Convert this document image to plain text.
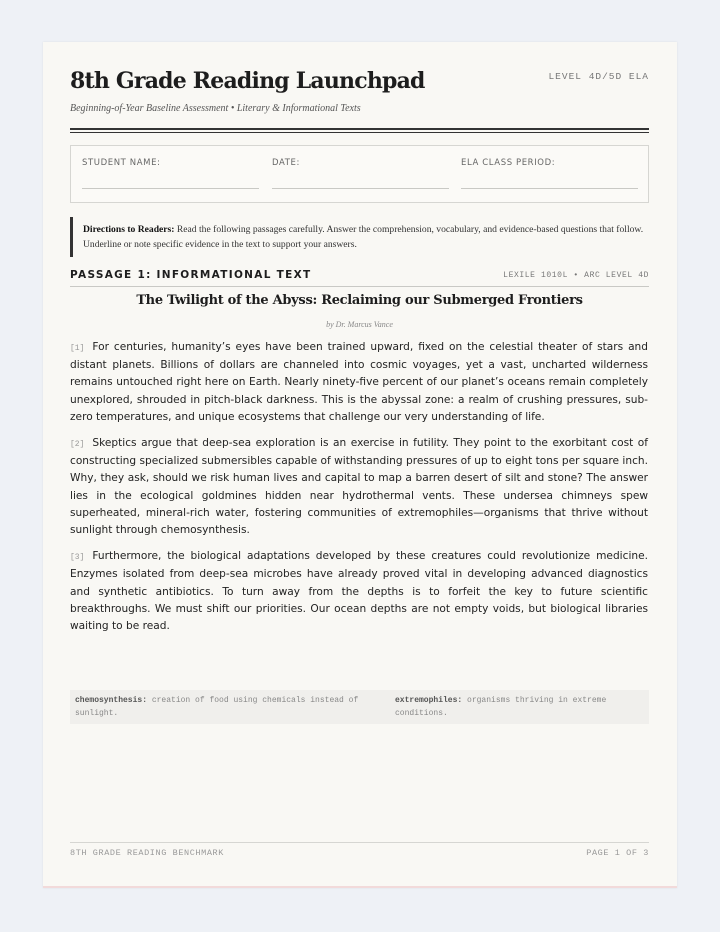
8th Grade Reading Launchpad	LEVEL 4D/5D ELA
Beginning-of-Year Baseline Assessment • Literary & Informational Texts
STUDENT NAME:	DATE:	ELA CLASS PERIOD:
Directions to Readers: Read the following passages carefully. Answer the comprehension, vocabulary, and evidence-based questions that follow. Underline or note specific evidence in the text to support your answers.
PASSAGE 1: INFORMATIONAL TEXT	LEXILE 1010L • ARC LEVEL 4D
The Twilight of the Abyss: Reclaiming our Submerged Frontiers
by Dr. Marcus Vance

[1] For centuries, humanity’s eyes have been trained upward, fixed on the celestial theater of stars and distant planets. Billions of dollars are channeled into cosmic voyages, yet a vast, uncharted wilderness remains untouched right here on Earth. Nearly ninety-five percent of our planet’s oceans remain completely unexplored, shrouded in pitch-black darkness. This is the abyssal zone: a realm of crushing pressures, sub-zero temperatures, and unique ecosystems that challenge our very understanding of life.

[2] Skeptics argue that deep-sea exploration is an exercise in futility. They point to the exorbitant cost of constructing specialized submersibles capable of withstanding pressures of up to eight tons per square inch. Why, they ask, should we risk human lives and capital to map a barren desert of silt and stone? The answer lies in the ecological goldmines hidden near hydrothermal vents. These undersea chimneys spew superheated, mineral-rich water, fostering communities of extremophiles—organisms that thrive without sunlight through chemosynthesis.

[3] Furthermore, the biological adaptations developed by these creatures could revolutionize medicine. Enzymes isolated from deep-sea microbes have already proved vital in developing advanced diagnostics and synthetic antibiotics. To turn away from the depths is to forfeit the key to future scientific breakthroughs. We must shift our priorities. Our ocean depths are not empty voids, but biological libraries waiting to be read.

chemosynthesis: creation of food using chemicals instead of sunlight.
extremophiles: organisms thriving in extreme conditions.
8TH GRADE READING BENCHMARK	PAGE 1 OF 3
